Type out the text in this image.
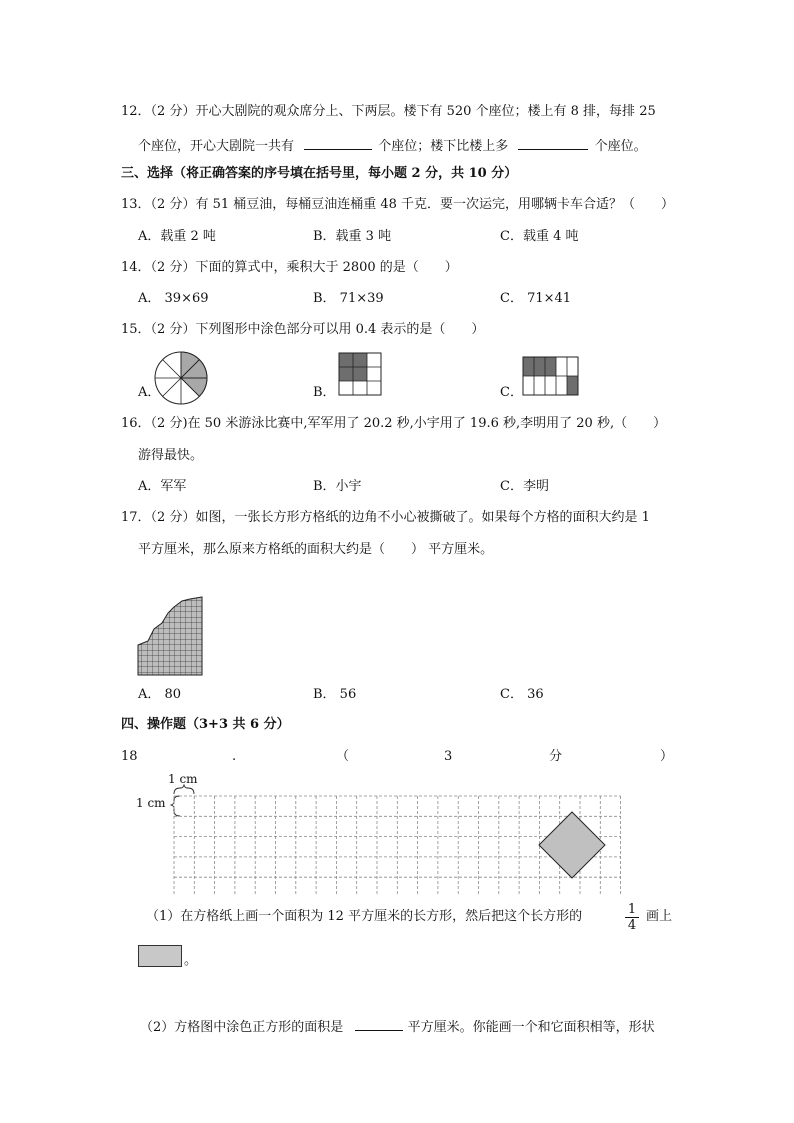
12．（2 分）开心大剧院的观众席分上、下两层。楼下有 520 个座位；楼上有 8 排，每排 25
个座位，开心大剧院一共有	个座位；楼下比楼上多	个座位。
三、选择（将正确答案的序号填在括号里，每小题 2 分，共 10 分）
13．（2 分）有 51 桶豆油，每桶豆油连桶重 48 千克．要一次运完，用哪辆卡车合适？（　　）
A．载重 2 吨	B．载重 3 吨	C．载重 4 吨
14．（2 分）下面的算式中，乘积大于 2800 的是（　　）
A． 39×69	B． 71×39	C． 71×41
15．（2 分）下列图形中涂色部分可以用 0.4 表示的是（　　）
A．	B．	C．
16．（2 分)在 50 米游泳比赛中,军军用了 20.2 秒,小宇用了 19.6 秒,李明用了 20 秒,（　　）
游得最快。
A．军军	B．小宇	C．李明
17．（2 分）如图，一张长方形方格纸的边角不小心被撕破了。如果每个方格的面积大约是 1
平方厘米，那么原来方格纸的面积大约是（　　） 平方厘米。
A． 80	B． 56	C． 36
四、操作题（3+3 共 6 分）
18	.	（	3	分	）
1 cm
1 cm
（1）在方格纸上画一个面积为 12 平方厘米的长方形，然后把这个长方形的	$\frac{1}{4}$ 画上
。
（2）方格图中涂色正方形的面积是	平方厘米。你能画一个和它面积相等，形状
